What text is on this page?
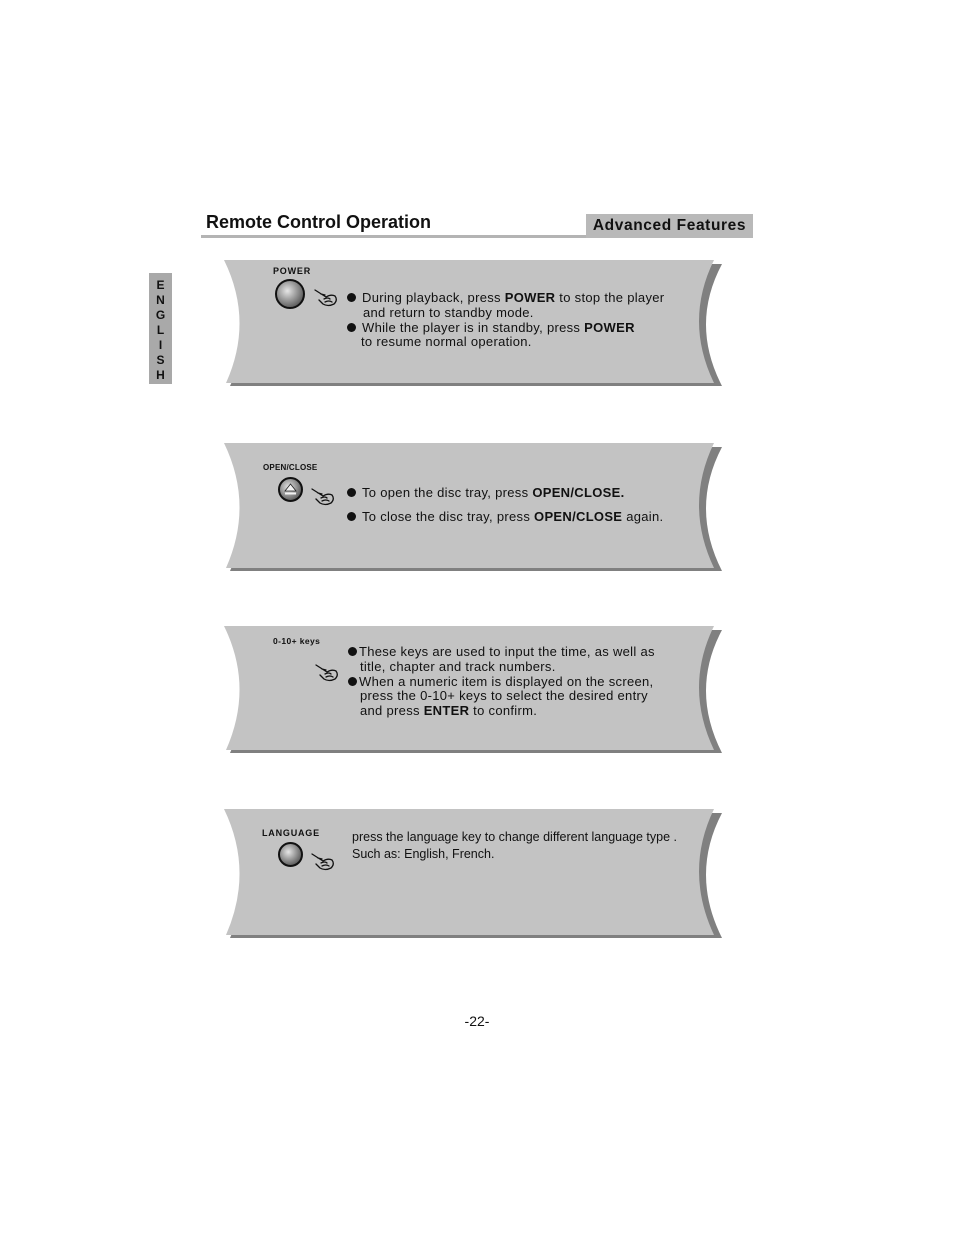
Remote Control Operation	Advanced Features
E
N
G
L
I
S
H
POWER
During playback, press POWER to stop the player
and return to standby mode.
While the player is in standby, press POWER
to resume normal operation.
OPEN/CLOSE
To open the disc tray, press OPEN/CLOSE.
To close the disc tray, press OPEN/CLOSE again.
0-10+ keys
These keys are used to input the time, as well as
title, chapter and track numbers.
When a numeric item is displayed on the screen,
press the 0-10+ keys to select the desired entry
and press ENTER to confirm.
LANGUAGE	press the language key to change different language type .
Such as: English, French.
-22-
